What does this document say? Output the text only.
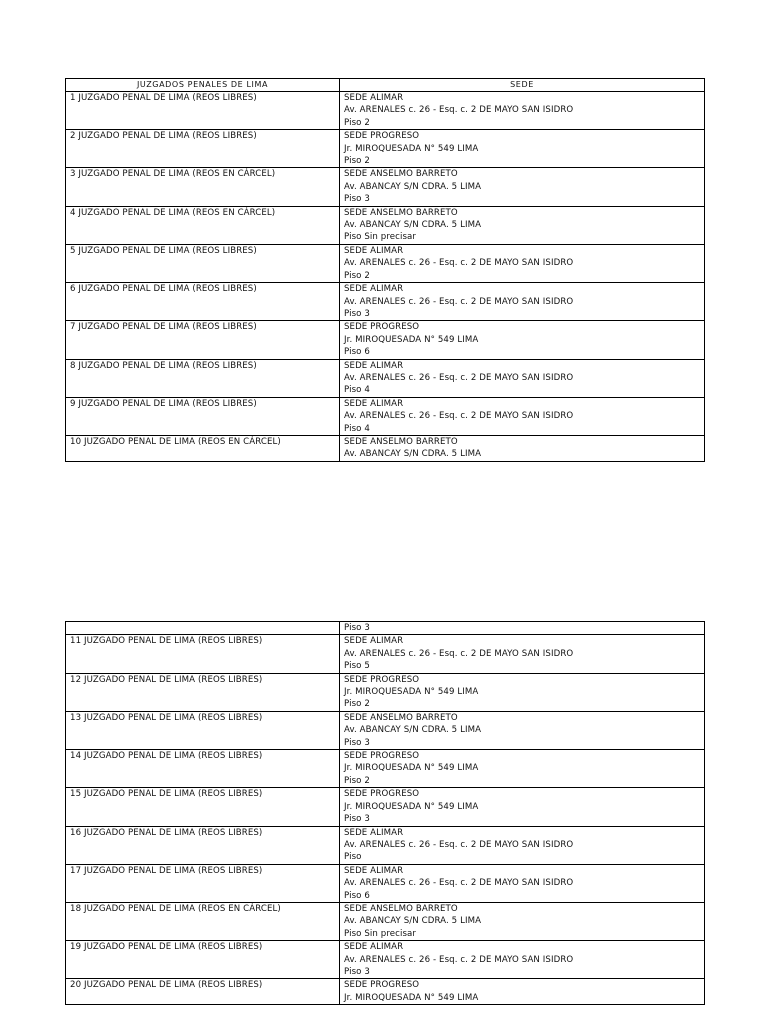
JUZGADOS PENALES DE LIMA	SEDE
1 JUZGADO PENAL DE LIMA (REOS LIBRES)	SEDE ALIMAR
Av. ARENALES c. 26 - Esq. c. 2 DE MAYO SAN ISIDRO
Piso 2

2 JUZGADO PENAL DE LIMA (REOS LIBRES)	SEDE PROGRESO
Jr. MIROQUESADA N° 549 LIMA
Piso 2

3 JUZGADO PENAL DE LIMA (REOS EN CÁRCEL)	SEDE ANSELMO BARRETO
Av. ABANCAY S/N CDRA. 5 LIMA
Piso 3

4 JUZGADO PENAL DE LIMA (REOS EN CÁRCEL)	SEDE ANSELMO BARRETO
Av. ABANCAY S/N CDRA. 5 LIMA
Piso Sin precisar

5 JUZGADO PENAL DE LIMA (REOS LIBRES)	SEDE ALIMAR
Av. ARENALES c. 26 - Esq. c. 2 DE MAYO SAN ISIDRO
Piso 2

6 JUZGADO PENAL DE LIMA (REOS LIBRES)	SEDE ALIMAR
Av. ARENALES c. 26 - Esq. c. 2 DE MAYO SAN ISIDRO
Piso 3

7 JUZGADO PENAL DE LIMA (REOS LIBRES)	SEDE PROGRESO
Jr. MIROQUESADA N° 549 LIMA
Piso 6

8 JUZGADO PENAL DE LIMA (REOS LIBRES)	SEDE ALIMAR
Av. ARENALES c. 26 - Esq. c. 2 DE MAYO SAN ISIDRO
Piso 4

9 JUZGADO PENAL DE LIMA (REOS LIBRES)	SEDE ALIMAR
Av. ARENALES c. 26 - Esq. c. 2 DE MAYO SAN ISIDRO
Piso 4

10 JUZGADO PENAL DE LIMA (REOS EN CÁRCEL)	SEDE ANSELMO BARRETO
Av. ABANCAY S/N CDRA. 5 LIMA

	Piso 3

11 JUZGADO PENAL DE LIMA (REOS LIBRES)	SEDE ALIMAR
Av. ARENALES c. 26 - Esq. c. 2 DE MAYO SAN ISIDRO
Piso 5

12 JUZGADO PENAL DE LIMA (REOS LIBRES)	SEDE PROGRESO
Jr. MIROQUESADA N° 549 LIMA
Piso 2

13 JUZGADO PENAL DE LIMA (REOS LIBRES)	SEDE ANSELMO BARRETO
Av. ABANCAY S/N CDRA. 5 LIMA
Piso 3

14 JUZGADO PENAL DE LIMA (REOS LIBRES)	SEDE PROGRESO
Jr. MIROQUESADA N° 549 LIMA
Piso 2

15 JUZGADO PENAL DE LIMA (REOS LIBRES)	SEDE PROGRESO
Jr. MIROQUESADA N° 549 LIMA
Piso 3

16 JUZGADO PENAL DE LIMA (REOS LIBRES)	SEDE ALIMAR
Av. ARENALES c. 26 - Esq. c. 2 DE MAYO SAN ISIDRO
Piso

17 JUZGADO PENAL DE LIMA (REOS LIBRES)	SEDE ALIMAR
Av. ARENALES c. 26 - Esq. c. 2 DE MAYO SAN ISIDRO
Piso 6

18 JUZGADO PENAL DE LIMA (REOS EN CÁRCEL)	SEDE ANSELMO BARRETO
Av. ABANCAY S/N CDRA. 5 LIMA
Piso Sin precisar

19 JUZGADO PENAL DE LIMA (REOS LIBRES)	SEDE ALIMAR
Av. ARENALES c. 26 - Esq. c. 2 DE MAYO SAN ISIDRO
Piso 3

20 JUZGADO PENAL DE LIMA (REOS LIBRES)	SEDE PROGRESO
Jr. MIROQUESADA N° 549 LIMA
